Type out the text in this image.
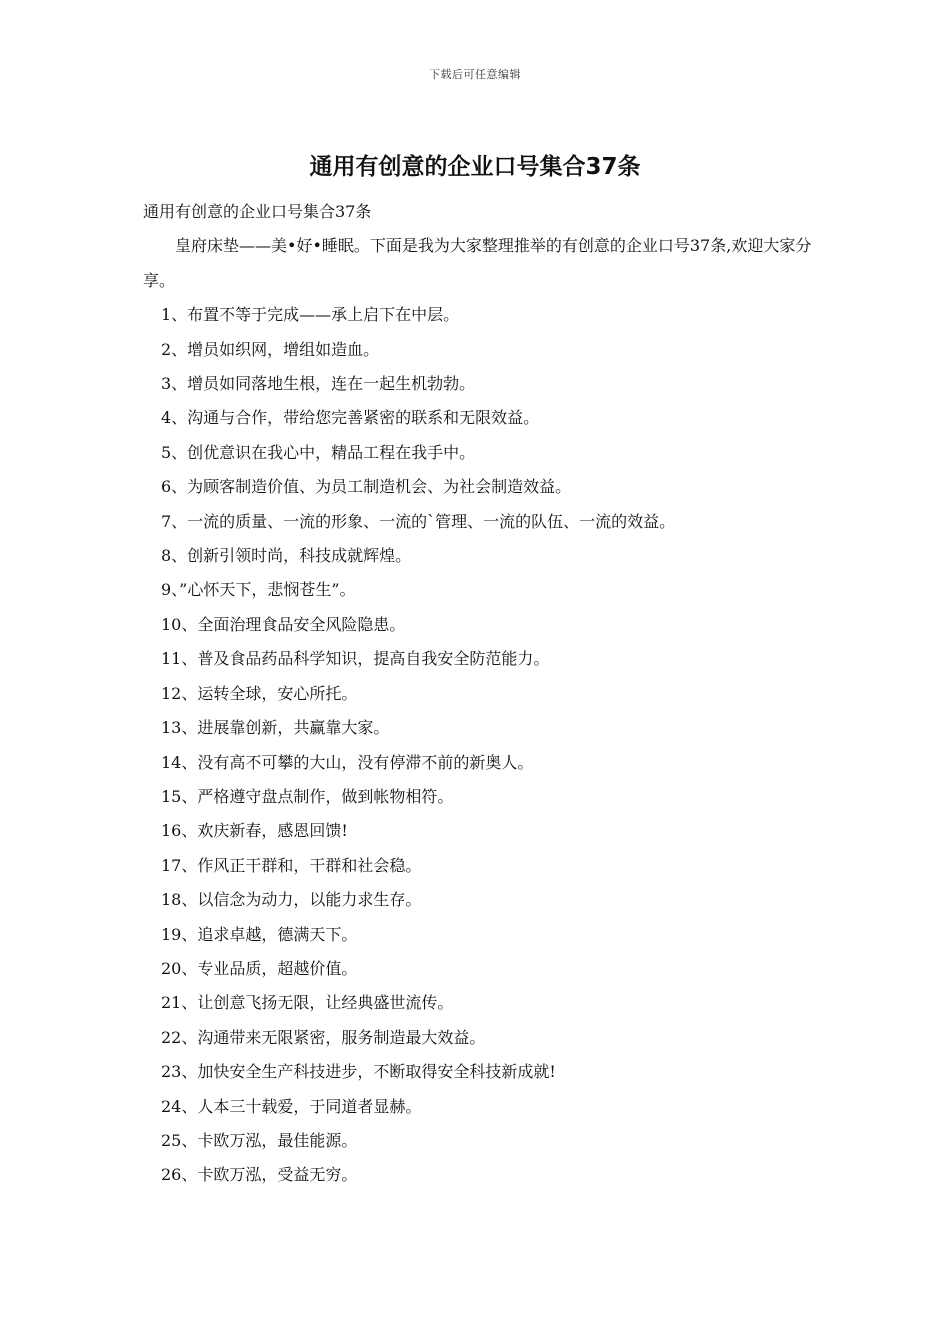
下载后可任意编辑
通用有创意的企业口号集合37条

通用有创意的企业口号集合37条

皇府床垫——美•好•睡眠。下面是我为大家整理推举的有创意的企业口号37条,欢迎大家分享。

1、布置不等于完成——承上启下在中层。
2、增员如织网，增组如造血。
3、增员如同落地生根，连在一起生机勃勃。
4、沟通与合作，带给您完善紧密的联系和无限效益。
5、创优意识在我心中，精品工程在我手中。
6、为顾客制造价值、为员工制造机会、为社会制造效益。
7、一流的质量、一流的形象、一流的`管理、一流的队伍、一流的效益。
8、创新引领时尚，科技成就辉煌。
9、”心怀天下，悲悯苍生”。
10、全面治理食品安全风险隐患。
11、普及食品药品科学知识，提高自我安全防范能力。
12、运转全球，安心所托。
13、进展靠创新，共赢靠大家。
14、没有高不可攀的大山，没有停滞不前的新奥人。
15、严格遵守盘点制作，做到帐物相符。
16、欢庆新春，感恩回馈!
17、作风正干群和，干群和社会稳。
18、以信念为动力，以能力求生存。
19、追求卓越，德满天下。
20、专业品质，超越价值。
21、让创意飞扬无限，让经典盛世流传。
22、沟通带来无限紧密，服务制造最大效益。
23、加快安全生产科技进步，不断取得安全科技新成就!
24、人本三十载爱，于同道者显赫。
25、卡欧万泓，最佳能源。
26、卡欧万泓，受益无穷。
